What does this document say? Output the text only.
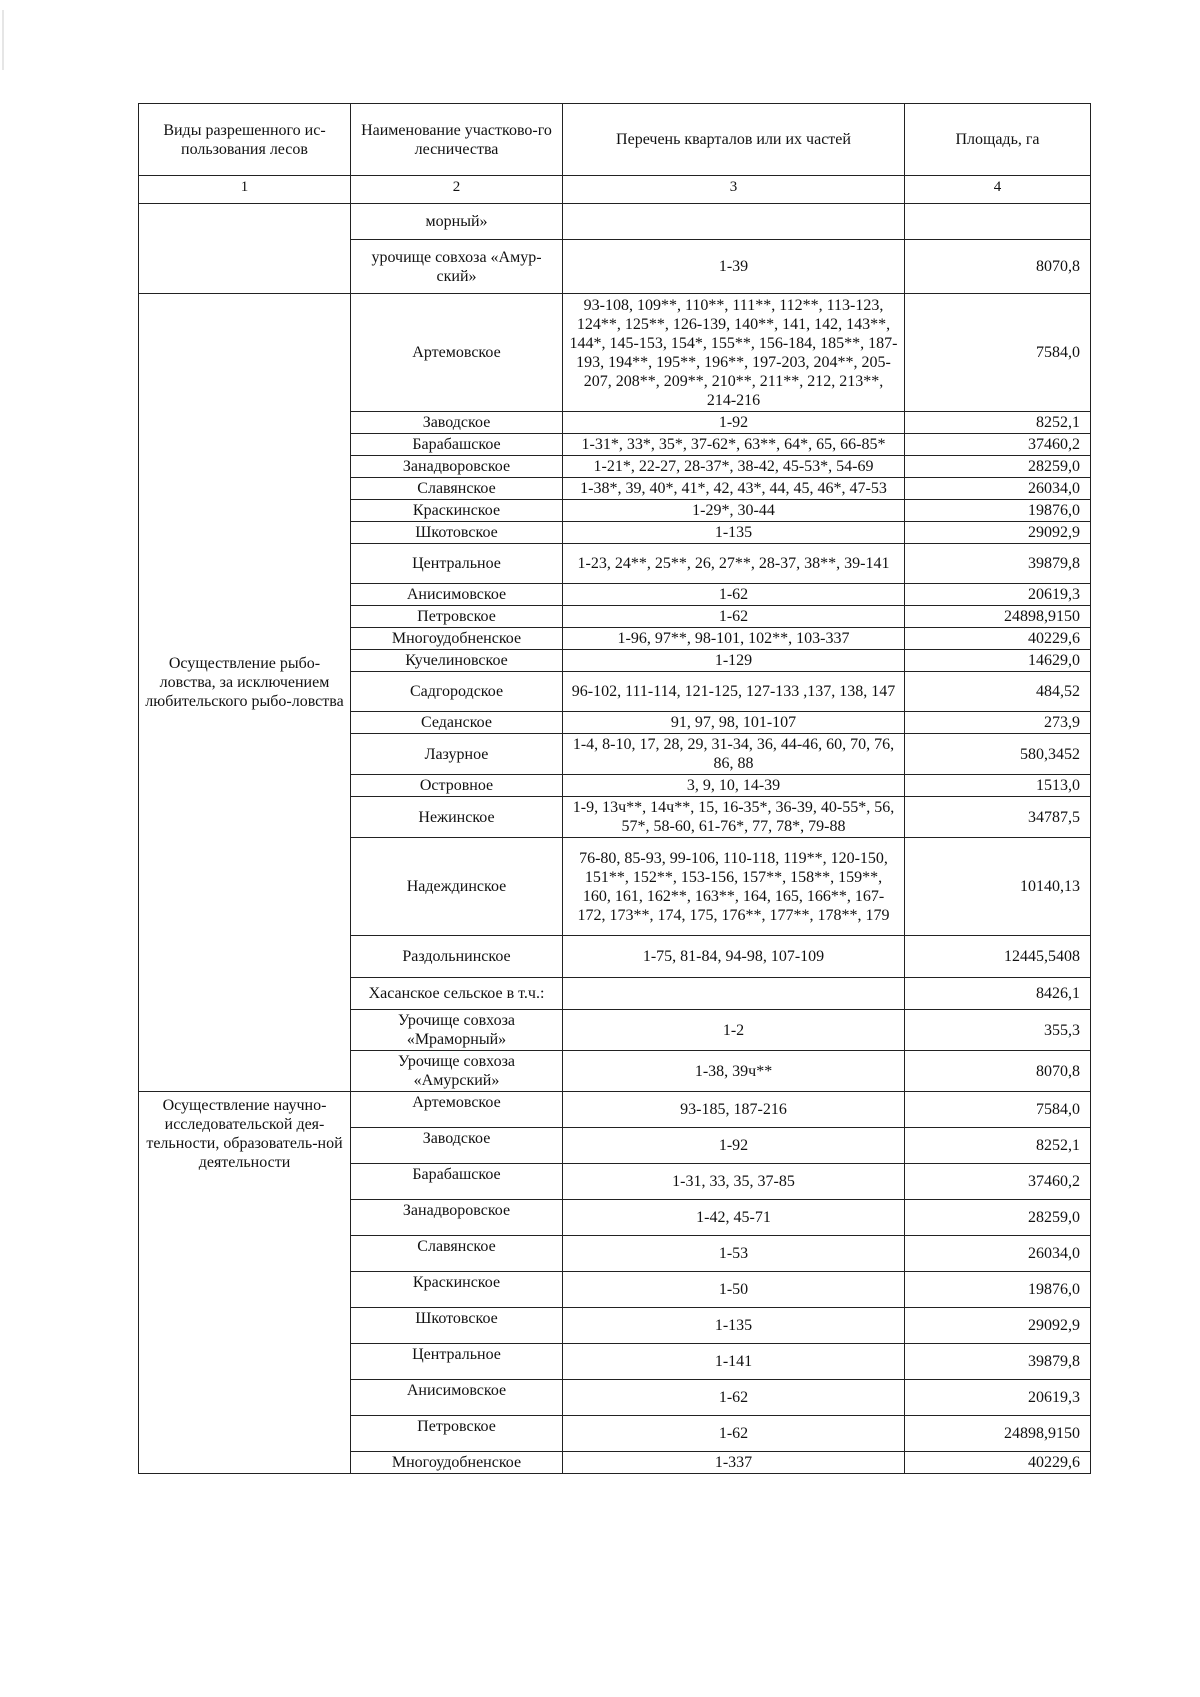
Виды разрешенного ис-пользования лесов	Наименование участково-го лесничества	Перечень кварталов или их частей	Площадь, га
1	2	3	4
	морный»		
	урочище совхоза «Амур-ский»	1-39	8070,8
Осуществление рыбо-ловства, за исключением любительского рыбо-ловства	Артемовское	93-108, 109**, 110**, 111**, 112**, 113-123, 124**, 125**, 126-139, 140**, 141, 142, 143**, 144*, 145-153, 154*, 155**, 156-184, 185**, 187-193, 194**, 195**, 196**, 197-203, 204**, 205-207, 208**, 209**, 210**, 211**, 212, 213**, 214-216	7584,0
	Заводское	1-92	8252,1
	Барабашское	1-31*, 33*, 35*, 37-62*, 63**, 64*, 65, 66-85*	37460,2
	Занадворовское	1-21*, 22-27, 28-37*, 38-42, 45-53*, 54-69	28259,0
	Славянское	1-38*, 39, 40*, 41*, 42, 43*, 44, 45, 46*, 47-53	26034,0
	Краскинское	1-29*, 30-44	19876,0
	Шкотовское	1-135	29092,9
	Центральное	1-23, 24**, 25**, 26, 27**, 28-37, 38**, 39-141	39879,8
	Анисимовское	1-62	20619,3
	Петровское	1-62	24898,9150
	Многоудобненское	1-96, 97**, 98-101, 102**, 103-337	40229,6
	Кучелиновское	1-129	14629,0
	Садгородское	96-102, 111-114, 121-125, 127-133 ,137, 138, 147	484,52
	Седанское	91, 97, 98, 101-107	273,9
	Лазурное	1-4, 8-10, 17, 28, 29, 31-34, 36, 44-46, 60, 70, 76, 86, 88	580,3452
	Островное	3, 9, 10, 14-39	1513,0
	Нежинское	1-9, 13ч**, 14ч**, 15, 16-35*, 36-39, 40-55*, 56, 57*, 58-60, 61-76*, 77, 78*, 79-88	34787,5
	Надеждинское	76-80, 85-93, 99-106, 110-118, 119**, 120-150, 151**, 152**, 153-156, 157**, 158**, 159**, 160, 161, 162**, 163**, 164, 165, 166**, 167-172, 173**, 174, 175, 176**, 177**, 178**, 179	10140,13
	Раздольнинское	1-75, 81-84, 94-98, 107-109	12445,5408
	Хасанское сельское в т.ч.:		8426,1
	Урочище совхоза «Мраморный»	1-2	355,3
	Урочище совхоза «Амурский»	1-38, 39ч**	8070,8
Осуществление научно-исследовательской дея-тельности, образователь-ной деятельности	Артемовское	93-185, 187-216	7584,0
	Заводское	1-92	8252,1
	Барабашское	1-31, 33, 35, 37-85	37460,2
	Занадворовское	1-42, 45-71	28259,0
	Славянское	1-53	26034,0
	Краскинское	1-50	19876,0
	Шкотовское	1-135	29092,9
	Центральное	1-141	39879,8
	Анисимовское	1-62	20619,3
	Петровское	1-62	24898,9150
	Многоудобненское	1-337	40229,6
